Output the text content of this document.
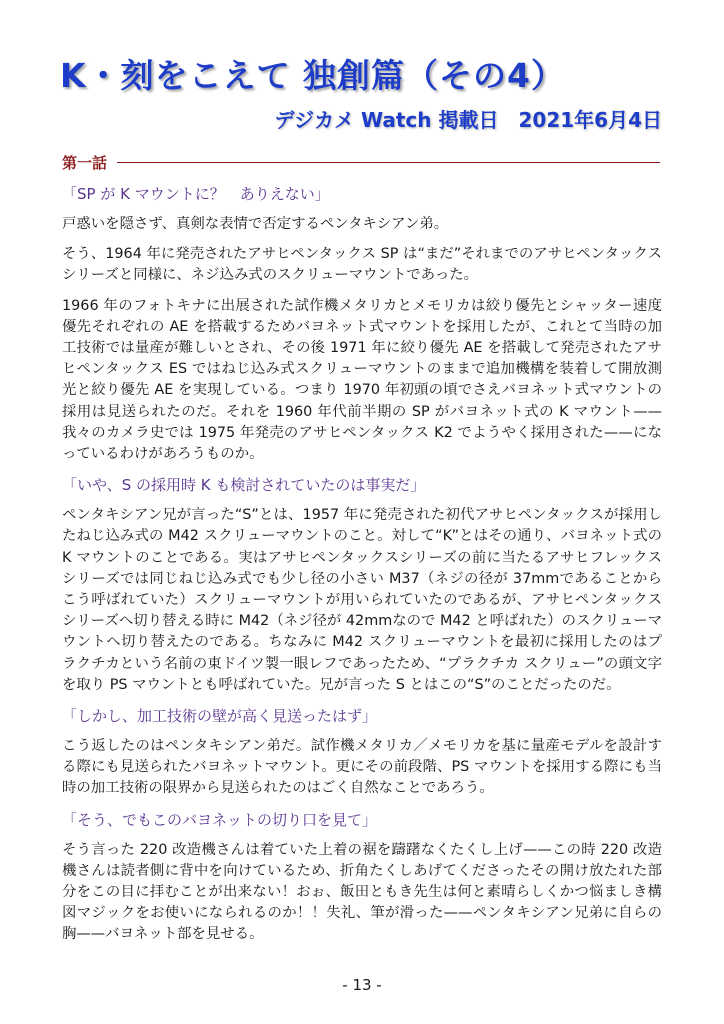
K・刻をこえて 独創篇（その4）
デジカメ Watch 掲載日　2021年6月4日
第一話

「SP が K マウントに？　ありえない」

戸惑いを隠さず、真剣な表情で否定するペンタキシアン弟。

そう、1964 年に発売されたアサヒペンタックス SP は“まだ”それまでのアサヒペンタックスシリーズと同様に、ネジ込み式のスクリューマウントであった。

1966 年のフォトキナに出展された試作機メタリカとメモリカは絞り優先とシャッター速度優先それぞれの AE を搭載するためバヨネット式マウントを採用したが、これとて当時の加工技術では量産が難しいとされ、その後 1971 年に絞り優先 AE を搭載して発売されたアサヒペンタックス ES ではねじ込み式スクリューマウントのままで追加機構を装着して開放測光と絞り優先 AE を実現している。つまり 1970 年初頭の頃でさえバヨネット式マウントの採用は見送られたのだ。それを 1960 年代前半期の SP がバヨネット式の K マウント——我々のカメラ史では 1975 年発売のアサヒペンタックス K2 でようやく採用された——になっているわけがあろうものか。

「いや、S の採用時 K も検討されていたのは事実だ」

ペンタキシアン兄が言った“S”とは、1957 年に発売された初代アサヒペンタックスが採用したねじ込み式の M42 スクリューマウントのこと。対して“K”とはその通り、バヨネット式の K マウントのことである。実はアサヒペンタックスシリーズの前に当たるアサヒフレックスシリーズでは同じねじ込み式でも少し径の小さい M37（ネジの径が 37mmであることからこう呼ばれていた）スクリューマウントが用いられていたのであるが、アサヒペンタックスシリーズへ切り替える時に M42（ネジ径が 42mmなので M42 と呼ばれた）のスクリューマウントへ切り替えたのである。ちなみに M42 スクリューマウントを最初に採用したのはプラクチカという名前の東ドイツ製一眼レフであったため、“プラクチカ スクリュー”の頭文字を取り PS マウントとも呼ばれていた。兄が言った S とはこの“S”のことだったのだ。

「しかし、加工技術の壁が高く見送ったはず」

こう返したのはペンタキシアン弟だ。試作機メタリカ／メモリカを基に量産モデルを設計する際にも見送られたバヨネットマウント。更にその前段階、PS マウントを採用する際にも当時の加工技術の限界から見送られたのはごく自然なことであろう。

「そう、でもこのバヨネットの切り口を見て」

そう言った 220 改造機さんは着ていた上着の裾を躊躇なくたくし上げ——この時 220 改造機さんは読者側に背中を向けているため、折角たくしあげてくださったその開け放たれた部分をこの目に拝むことが出来ない！おぉ、飯田ともき先生は何と素晴らしくかつ悩ましき構図マジックをお使いになられるのか！！失礼、筆が滑った——ペンタキシアン兄弟に自らの胸——バヨネット部を見せる。

- 13 -
